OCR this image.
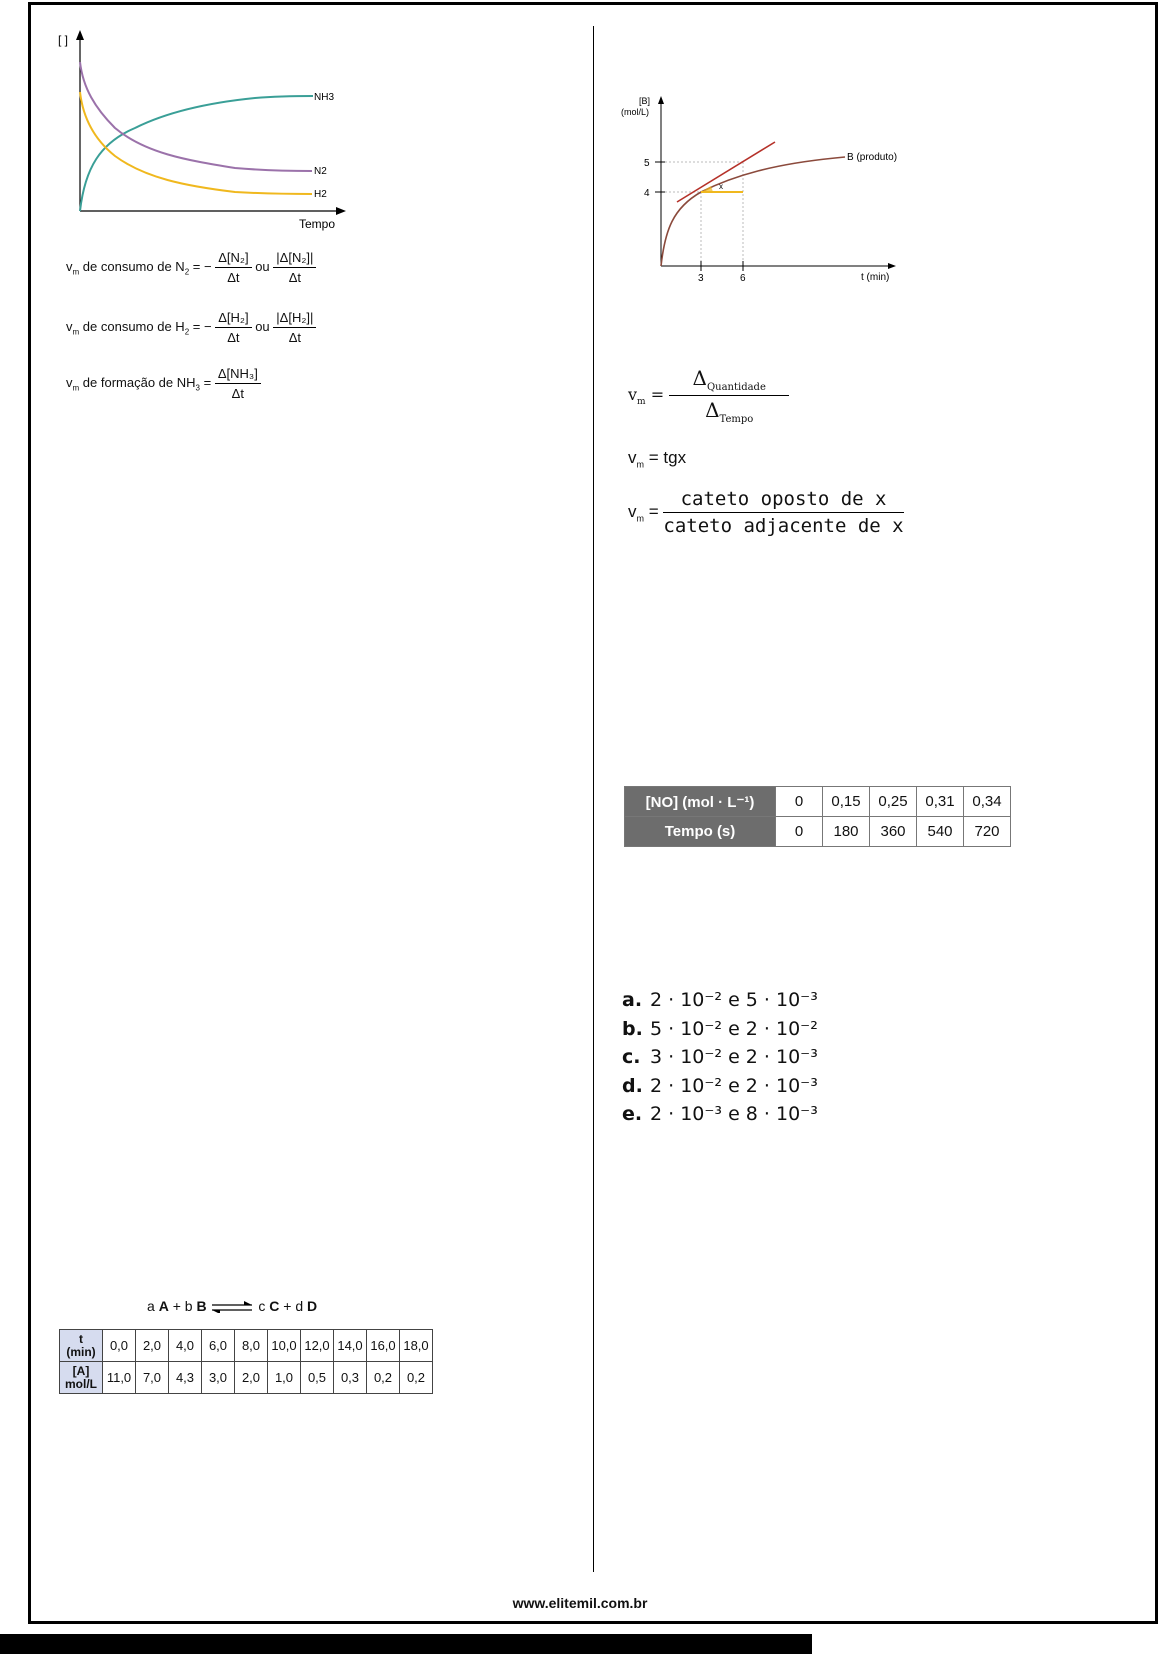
[ ]
NH3
N2
H2
Tempo
$v_m$ de consumo de $N_2$ = − $\frac{\text{Δ[N₂]}}{\Delta t}$ ou $\frac{\text{|Δ[N₂]|}}{\Delta t}$
$v_m$ de consumo de $H_2$ = − $\frac{\text{Δ[H₂]}}{\Delta t}$ ou $\frac{\text{|Δ[H₂]|}}{\Delta t}$
$v_m$ de formação de $NH_3 = \frac{\text{Δ[NH₃]}}{\Delta t}$
[B]
(mol/L)
5
4
3	6
x
B (produto)
t (min)
$v_m = \frac{\Delta_{Quantidade}}{\Delta_{Tempo}}$
$v_m$ = tgx
$v_m = \frac{\text{cateto oposto de x}}{\text{cateto adjacente de x}}$
[NO] (mol · L⁻¹)	0	0,15	0,25	0,31	0,34
Tempo (s)	0	180	360	540	720
a. 2 · 10⁻² e 5 · 10⁻³
b. 5 · 10⁻² e 2 · 10⁻²
c. 3 · 10⁻² e 2 · 10⁻³
d. 2 · 10⁻² e 2 · 10⁻³
e. 2 · 10⁻³ e 8 · 10⁻³
a A + b B ⇌ c C + d D
t
(min)	0,0	2,0	4,0	6,0	8,0	10,0	12,0	14,0	16,0	18,0
[A]
mol/L	11,0	7,0	4,3	3,0	2,0	1,0	0,5	0,3	0,2	0,2
www.elitemil.com.br
